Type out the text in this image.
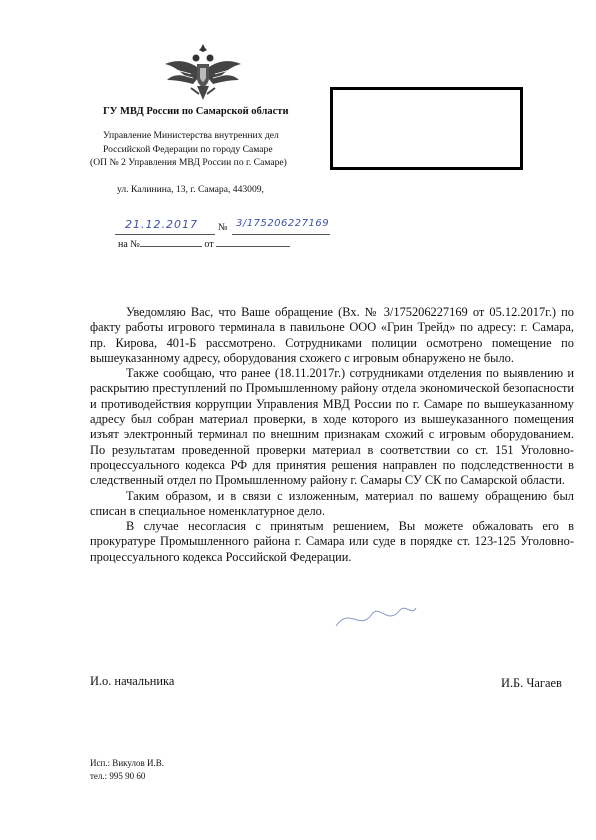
ГУ МВД России по Самарской области
Управление Министерства внутренних дел
Российской Федерации по городу Самаре
(ОП № 2 Управления МВД России по г. Самаре)
ул. Калинина, 13, г. Самара, 443009,
21.12.2017 № 3/175206227169
на №	от

Уведомляю Вас, что Ваше обращение (Вх. № 3/175206227169 от 05.12.2017г.) по факту работы игрового терминала в павильоне ООО «Грин Трейд» по адресу: г. Самара, пр. Кирова, 401-Б рассмотрено. Сотрудниками полиции осмотрено помещение по вышеуказанному адресу, оборудования схожего с игровым обнаружено не было.

Также сообщаю, что ранее (18.11.2017г.) сотрудниками отделения по выявлению и раскрытию преступлений по Промышленному району отдела экономической безопасности и противодействия коррупции Управления МВД России по г. Самаре по вышеуказанному адресу был собран материал проверки, в ходе которого из вышеуказанного помещения изъят электронный терминал по внешним признакам схожий с игровым оборудованием. По результатам проведенной проверки материал в соответствии со ст. 151 Уголовно-процессуального кодекса РФ для принятия решения направлен по подследственности в следственный отдел по Промышленному району г. Самары СУ СК по Самарской области.

Таким образом, и в связи с изложенным, материал по вашему обращению был списан в специальное номенклатурное дело.

В случае несогласия с принятым решением, Вы можете обжаловать его в прокуратуре Промышленного района г. Самара или суде в порядке ст. 123-125 Уголовно-процессуального кодекса Российской Федерации.

И.о. начальника	И.Б. Чагаев
Исп.: Викулов И.В.
тел.: 995 90 60
